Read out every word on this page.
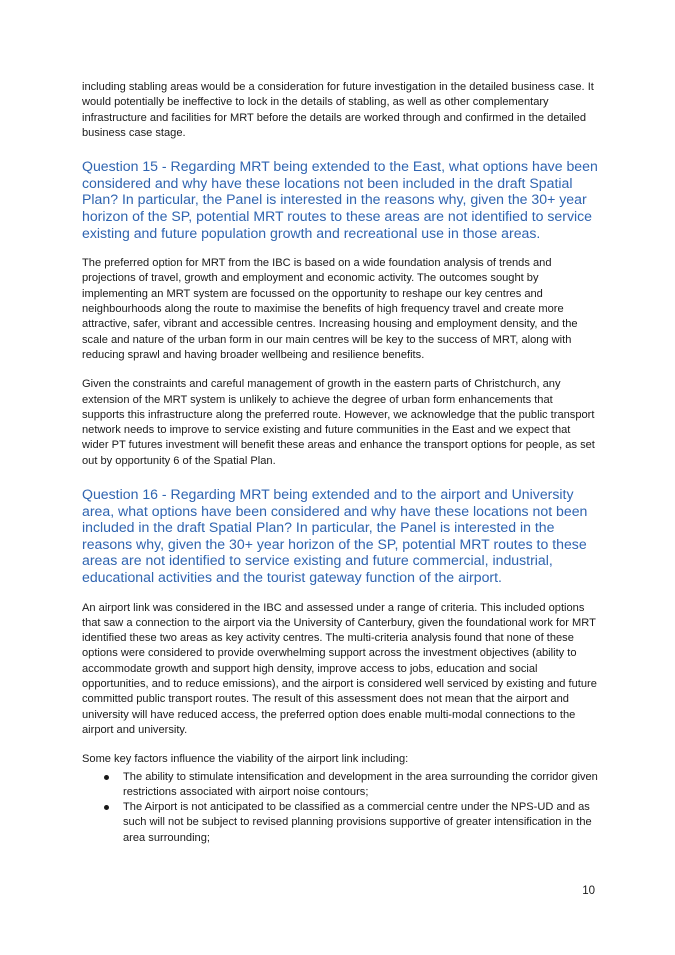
including stabling areas would be a consideration for future investigation in the detailed business case. It would potentially be ineffective to lock in the details of stabling, as well as other complementary infrastructure and facilities for MRT before the details are worked through and confirmed in the detailed business case stage.

Question 15 - Regarding MRT being extended to the East, what options have been considered and why have these locations not been included in the draft Spatial Plan? In particular, the Panel is interested in the reasons why, given the 30+ year horizon of the SP, potential MRT routes to these areas are not identified to service existing and future population growth and recreational use in those areas.

The preferred option for MRT from the IBC is based on a wide foundation analysis of trends and projections of travel, growth and employment and economic activity. The outcomes sought by implementing an MRT system are focussed on the opportunity to reshape our key centres and neighbourhoods along the route to maximise the benefits of high frequency travel and create more attractive, safer, vibrant and accessible centres. Increasing housing and employment density, and the scale and nature of the urban form in our main centres will be key to the success of MRT, along with reducing sprawl and having broader wellbeing and resilience benefits.

Given the constraints and careful management of growth in the eastern parts of Christchurch, any extension of the MRT system is unlikely to achieve the degree of urban form enhancements that supports this infrastructure along the preferred route. However, we acknowledge that the public transport network needs to improve to service existing and future communities in the East and we expect that wider PT futures investment will benefit these areas and enhance the transport options for people, as set out by opportunity 6 of the Spatial Plan.

Question 16 - Regarding MRT being extended and to the airport and University area, what options have been considered and why have these locations not been included in the draft Spatial Plan? In particular, the Panel is interested in the reasons why, given the 30+ year horizon of the SP, potential MRT routes to these areas are not identified to service existing and future commercial, industrial, educational activities and the tourist gateway function of the airport.

An airport link was considered in the IBC and assessed under a range of criteria. This included options that saw a connection to the airport via the University of Canterbury, given the foundational work for MRT identified these two areas as key activity centres. The multi-criteria analysis found that none of these options were considered to provide overwhelming support across the investment objectives (ability to accommodate growth and support high density, improve access to jobs, education and social opportunities, and to reduce emissions), and the airport is considered well serviced by existing and future committed public transport routes. The result of this assessment does not mean that the airport and university will have reduced access, the preferred option does enable multi-modal connections to the airport and university.

Some key factors influence the viability of the airport link including:

The ability to stimulate intensification and development in the area surrounding the corridor given restrictions associated with airport noise contours;

The Airport is not anticipated to be classified as a commercial centre under the NPS-UD and as such will not be subject to revised planning provisions supportive of greater intensification in the area surrounding;

10
